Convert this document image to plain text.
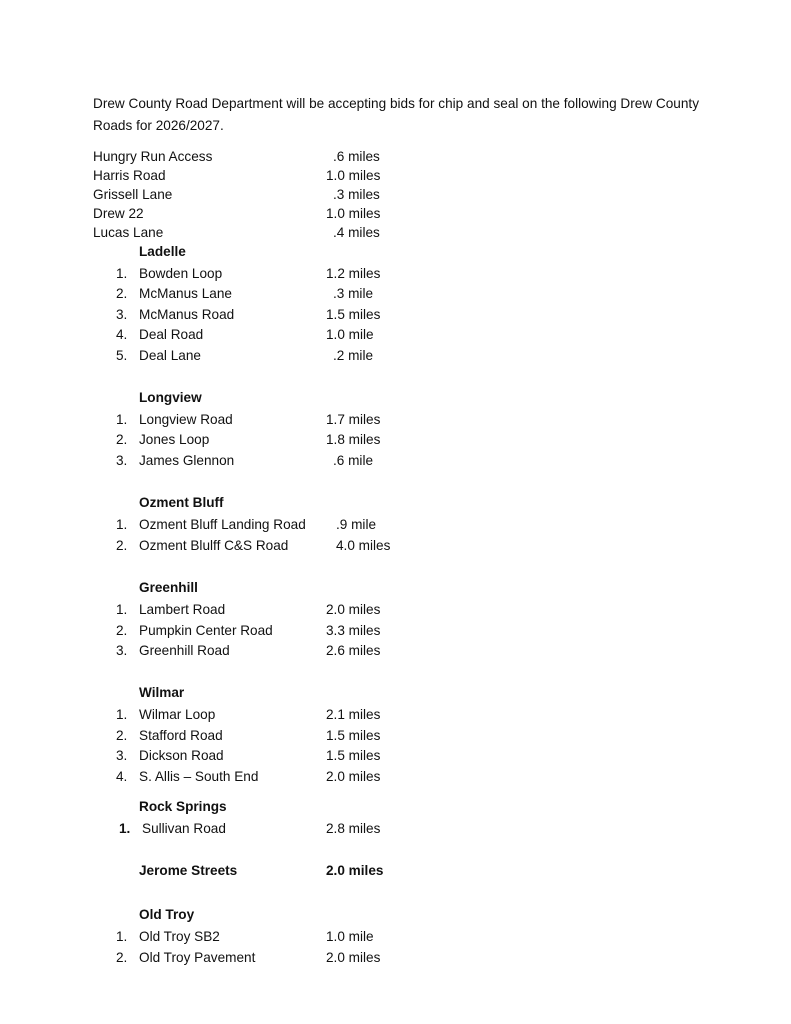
Drew County Road Department will be accepting bids for chip and seal on the following Drew County Roads for 2026/2027.
Hungry Run Access	.6 miles
Harris Road	1.0 miles
Grissell Lane	.3 miles
Drew 22	1.0 miles
Lucas Lane	.4 miles
Ladelle
1. Bowden Loop	1.2 miles
2. McManus Lane	.3 mile
3. McManus Road	1.5 miles
4. Deal Road	1.0 mile
5. Deal Lane	.2 mile
Longview
1. Longview Road	1.7 miles
2. Jones Loop	1.8 miles
3. James Glennon	.6 mile
Ozment Bluff
1. Ozment Bluff Landing Road .9 mile
2. Ozment Blulff C&S Road	4.0 miles
Greenhill
1. Lambert Road	2.0 miles
2. Pumpkin Center Road	3.3 miles
3. Greenhill Road	2.6 miles
Wilmar
1. Wilmar Loop	2.1 miles
2. Stafford Road	1.5 miles
3. Dickson Road	1.5 miles
4. S. Allis – South End	2.0 miles
Rock Springs
1. Sullivan Road	2.8 miles
Jerome Streets	2.0 miles
Old Troy
1. Old Troy SB2	1.0 mile
2. Old Troy Pavement	2.0 miles
